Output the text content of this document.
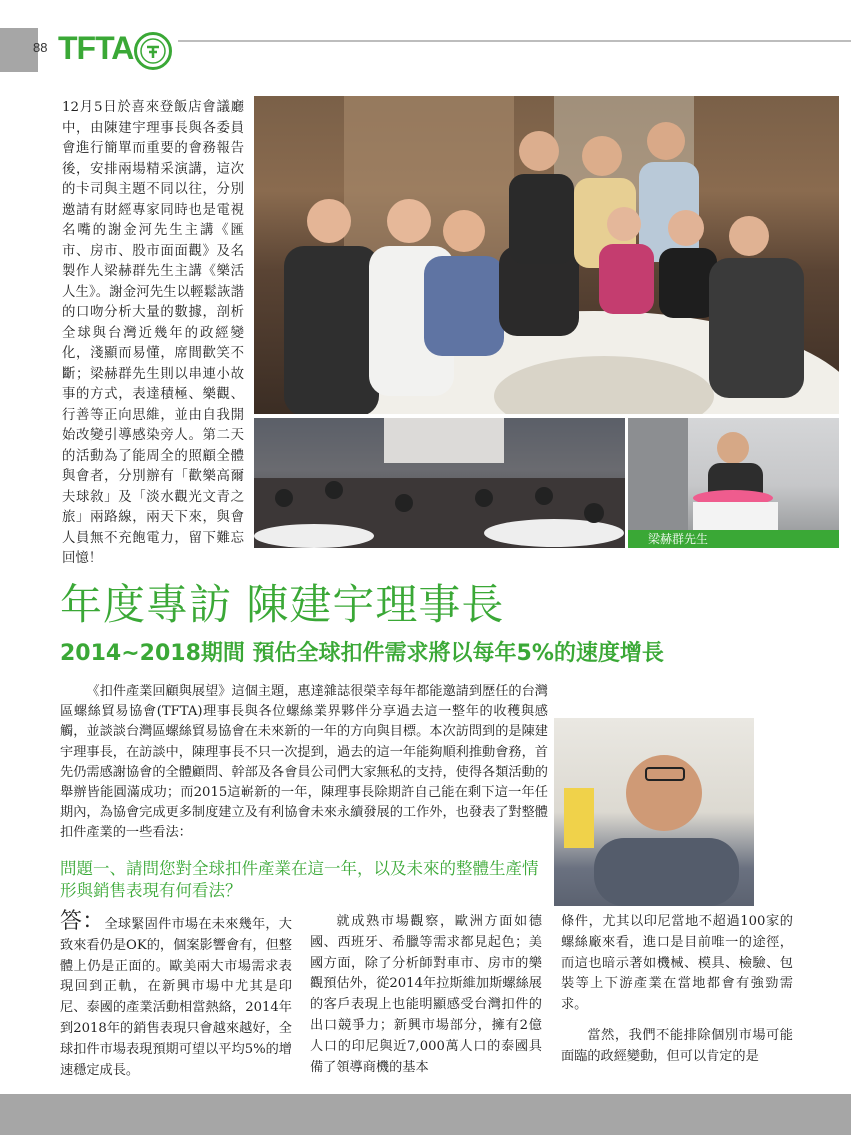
88 TFTA
12月5日於喜來登飯店會議廳中，由陳建宇理事長與各委員會進行簡單而重要的會務報告後，安排兩場精采演講，這次的卡司與主題不同以往，分別邀請有財經專家同時也是電視名嘴的謝金河先生主講《匯市、房市、股市面面觀》及名製作人梁赫群先生主講《樂活人生》。謝金河先生以輕鬆詼諧的口吻分析大量的數據，剖析全球與台灣近幾年的政經變化，淺顯而易懂，席間歡笑不斷；梁赫群先生則以串連小故事的方式，表達積極、樂觀、行善等正向思維，並由自我開始改變引導感染旁人。第二天的活動為了能周全的照顧全體與會者，分別辦有「歡樂高爾夫球敘」及「淡水觀光文青之旅」兩路線，兩天下來，與會人員無不充飽電力，留下難忘回憶！
梁赫群先生
年度專訪 陳建宇理事長
2014~2018期間 預估全球扣件需求將以每年5%的速度增長
《扣件產業回顧與展望》這個主題，惠達雜誌很榮幸每年都能邀請到歷任的台灣區螺絲貿易協會(TFTA)理事長與各位螺絲業界夥伴分享過去這一整年的收穫與感觸，並談談台灣區螺絲貿易協會在未來新的一年的方向與目標。本次訪問到的是陳建宇理事長，在訪談中，陳理事長不只一次提到，過去的這一年能夠順利推動會務，首先仍需感謝協會的全體顧問、幹部及各會員公司們大家無私的支持，使得各類活動的舉辦皆能圓滿成功；而2015這嶄新的一年，陳理事長除期許自己能在剩下這一年任期內，為協會完成更多制度建立及有利協會未來永續發展的工作外，也發表了對整體扣件產業的一些看法：
問題一、請問您對全球扣件產業在這一年，以及未來的整體生產情形與銷售表現有何看法？
答：全球緊固件市場在未來幾年，大致來看仍是OK的，個案影響會有，但整體上仍是正面的。歐美兩大市場需求表現回到正軌，在新興市場中尤其是印尼、泰國的產業活動相當熱絡，2014年到2018年的銷售表現只會越來越好，全球扣件市場表現預期可望以平均5%的增速穩定成長。
就成熟市場觀察，歐洲方面如德國、西班牙、希臘等需求都見起色；美國方面，除了分析師對車市、房市的樂觀預估外，從2014年拉斯維加斯螺絲展的客戶表現上也能明顯感受台灣扣件的出口競爭力；新興市場部分，擁有2億人口的印尼與近7,000萬人口的泰國具備了領導商機的基本
條件，尤其以印尼當地不超過100家的螺絲廠來看，進口是目前唯一的途徑，而這也暗示著如機械、模具、檢驗、包裝等上下游產業在當地都會有強勁需求。
當然，我們不能排除個別市場可能面臨的政經變動，但可以肯定的是
